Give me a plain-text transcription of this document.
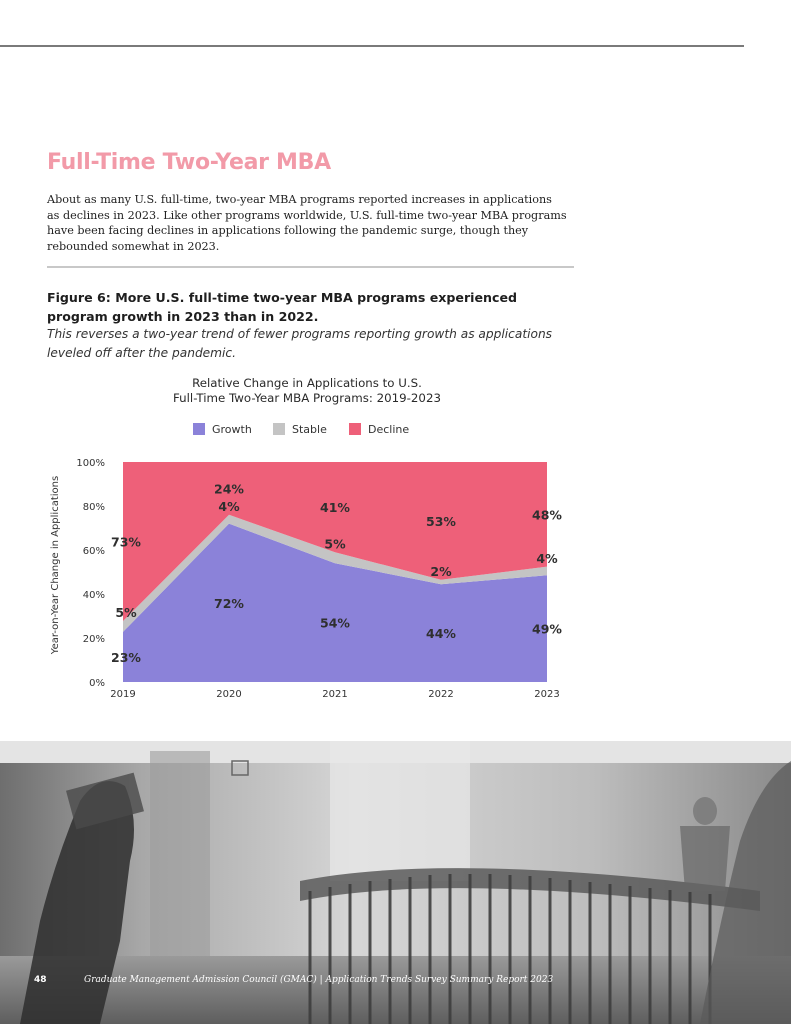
Full-Time Two-Year MBA

About as many U.S. full-time, two-year MBA programs reported increases in applications as declines in 2023. Like other programs worldwide, U.S. full-time two-year MBA programs have been facing declines in applications following the pandemic surge, though they rebounded somewhat in 2023.

Figure 6: More U.S. full-time two-year MBA programs experienced program growth in 2023 than in 2022.

This reverses a two-year trend of fewer programs reporting growth as applications leveled off after the pandemic.

Relative Change in Applications to U.S.
Full-Time Two-Year MBA Programs: 2019-2023
Growth	Stable	Decline
0%
20%
40%
60%
80%
100%
2019	2020	2021	2022	2023
23%
72%
54%
44%	49%
5%
4%
5%
2%
4%
73%
24%
41%
53%	48%
Year-on-Year Change in Applications
48	Graduate Management Admission Council (GMAC) | Application Trends Survey Summary Report 2023
